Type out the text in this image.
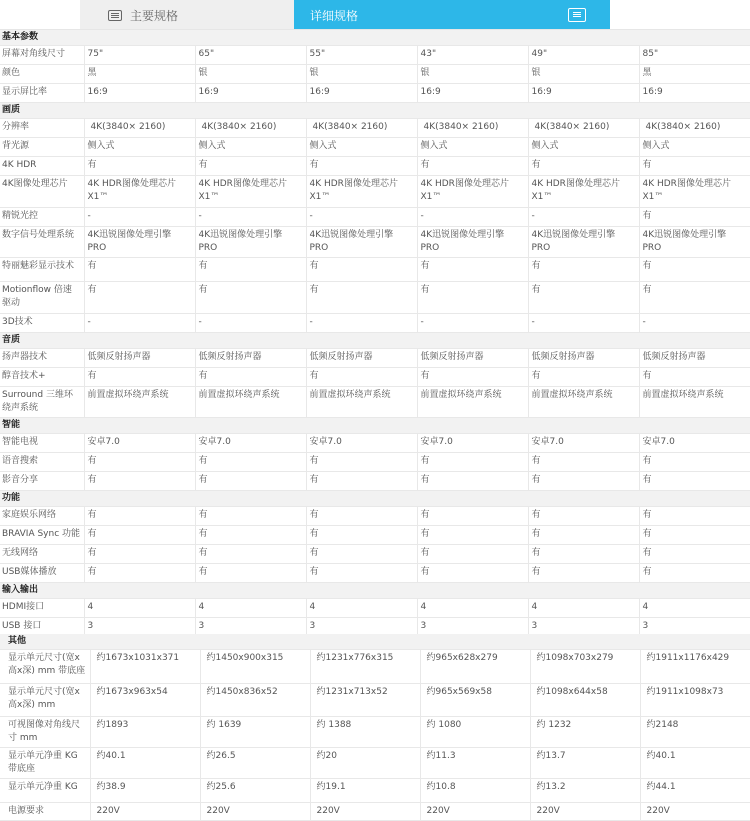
主要规格	详细规格
基本参数						
屏幕对角线尺寸	75"	65"	55"	43"	49"	85"
颜色	黑	银	银	银	银	黑
显示屏比率	16:9	16:9	16:9	16:9	16:9	16:9
画质						
分辨率	4K(3840× 2160)	4K(3840× 2160)	4K(3840× 2160)	4K(3840× 2160)	4K(3840× 2160)	4K(3840× 2160)
背光源	侧入式	侧入式	侧入式	侧入式	侧入式	侧入式
4K HDR	有	有	有	有	有	有
4K图像处理芯片	4K HDR图像处理芯片 X1™	4K HDR图像处理芯片 X1™	4K HDR图像处理芯片 X1™	4K HDR图像处理芯片 X1™	4K HDR图像处理芯片 X1™	4K HDR图像处理芯片 X1™
精锐光控	-	-	-	-	-	有
数字信号处理系统	4K迅锐图像处理引擎 PRO	4K迅锐图像处理引擎 PRO	4K迅锐图像处理引擎 PRO	4K迅锐图像处理引擎 PRO	4K迅锐图像处理引擎 PRO	4K迅锐图像处理引擎 PRO
特丽魅彩显示技术	有	有	有	有	有	有
Motionflow 倍速驱动	有	有	有	有	有	有
3D技术	-	-	-	-	-	-
音质						
扬声器技术	低频反射扬声器	低频反射扬声器	低频反射扬声器	低频反射扬声器	低频反射扬声器	低频反射扬声器
醇音技术+	有	有	有	有	有	有
Surround 三维环绕声系统	前置虚拟环绕声系统	前置虚拟环绕声系统	前置虚拟环绕声系统	前置虚拟环绕声系统	前置虚拟环绕声系统	前置虚拟环绕声系统
智能						
智能电视	安卓7.0	安卓7.0	安卓7.0	安卓7.0	安卓7.0	安卓7.0
语音搜索	有	有	有	有	有	有
影音分享	有	有	有	有	有	有
功能						
家庭娱乐网络	有	有	有	有	有	有
BRAVIA Sync 功能	有	有	有	有	有	有
无线网络	有	有	有	有	有	有
USB媒体播放	有	有	有	有	有	有
输入输出						
HDMI接口	4	4	4	4	4	4
USB 接口	3	3	3	3	3	3
其他						
显示单元尺寸(宽x高x深) mm 带底座	约1673x1031x371	约1450x900x315	约1231x776x315	约965x628x279	约1098x703x279	约1911x1176x429
显示单元尺寸(宽x高x深) mm	约1673x963x54	约1450x836x52	约1231x713x52	约965x569x58	约1098x644x58	约1911x1098x73
可视图像对角线尺寸 mm	约1893	约 1639	约 1388	约 1080	约 1232	约2148
显示单元净重 KG 带底座	约40.1	约26.5	约20	约11.3	约13.7	约40.1
显示单元净重 KG	约38.9	约25.6	约19.1	约10.8	约13.2	约44.1
电源要求	220V	220V	220V	220V	220V	220V
